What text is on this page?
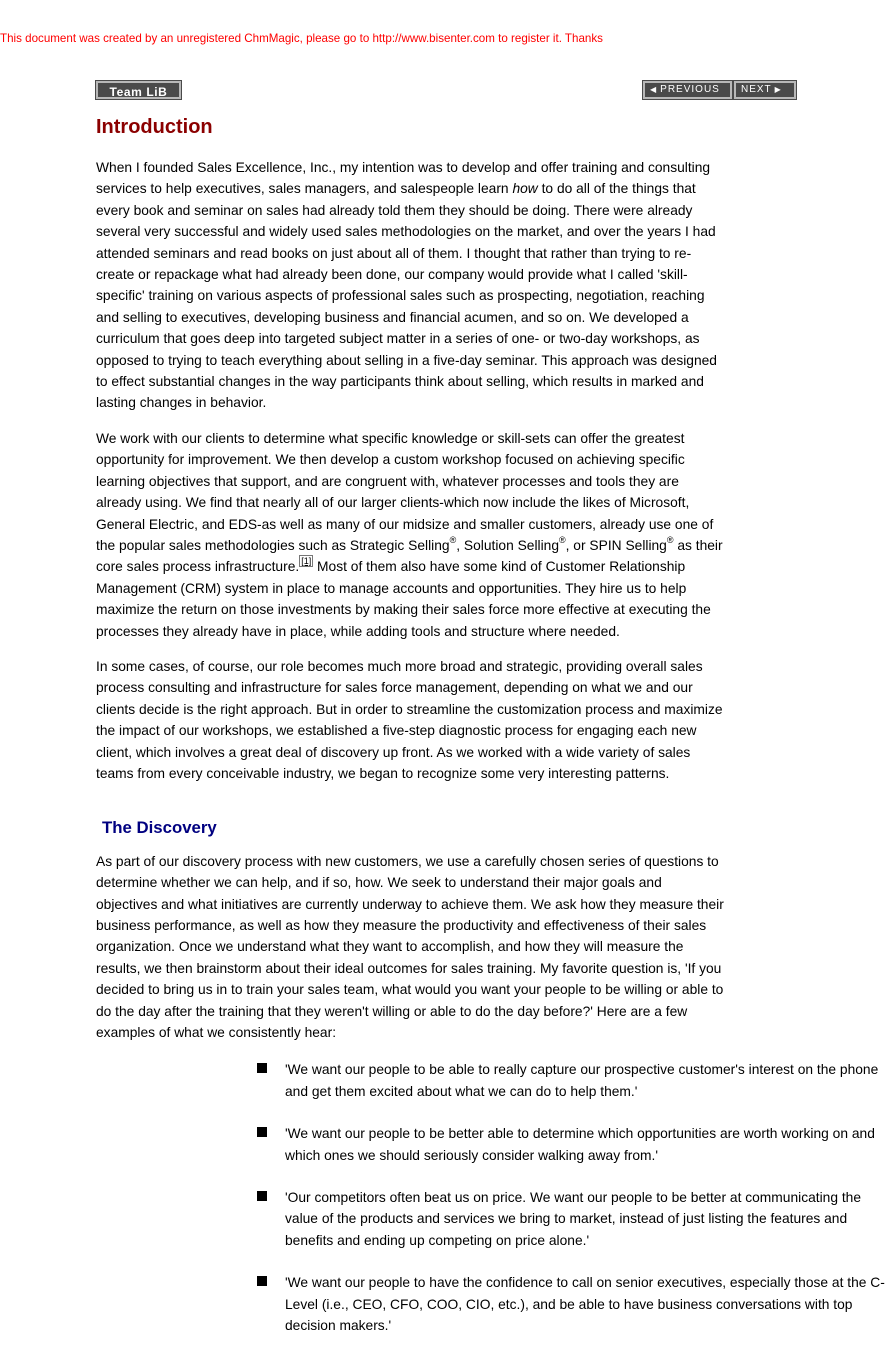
This document was created by an unregistered ChmMagic, please go to http://www.bisenter.com to register it. Thanks
Team LiB	◀ PREVIOUS NEXT ▶
Introduction

When I founded Sales Excellence, Inc., my intention was to develop and offer training and consulting services to help executives, sales managers, and salespeople learn how to do all of the things that every book and seminar on sales had already told them they should be doing. There were already several very successful and widely used sales methodologies on the market, and over the years I had attended seminars and read books on just about all of them. I thought that rather than trying to re-create or repackage what had already been done, our company would provide what I called 'skill-specific' training on various aspects of professional sales such as prospecting, negotiation, reaching and selling to executives, developing business and financial acumen, and so on. We developed a curriculum that goes deep into targeted subject matter in a series of one- or two-day workshops, as opposed to trying to teach everything about selling in a five-day seminar. This approach was designed to effect substantial changes in the way participants think about selling, which results in marked and lasting changes in behavior.

We work with our clients to determine what specific knowledge or skill-sets can offer the greatest opportunity for improvement. We then develop a custom workshop focused on achieving specific learning objectives that support, and are congruent with, whatever processes and tools they are already using. We find that nearly all of our larger clients-which now include the likes of Microsoft, General Electric, and EDS-as well as many of our midsize and smaller customers, already use one of the popular sales methodologies such as Strategic Selling®, Solution Selling®, or SPIN Selling® as their core sales process infrastructure. [1] Most of them also have some kind of Customer Relationship Management (CRM) system in place to manage accounts and opportunities. They hire us to help maximize the return on those investments by making their sales force more effective at executing the processes they already have in place, while adding tools and structure where needed.

In some cases, of course, our role becomes much more broad and strategic, providing overall sales process consulting and infrastructure for sales force management, depending on what we and our clients decide is the right approach. But in order to streamline the customization process and maximize the impact of our workshops, we established a five-step diagnostic process for engaging each new client, which involves a great deal of discovery up front. As we worked with a wide variety of sales teams from every conceivable industry, we began to recognize some very interesting patterns.

The Discovery

As part of our discovery process with new customers, we use a carefully chosen series of questions to determine whether we can help, and if so, how. We seek to understand their major goals and objectives and what initiatives are currently underway to achieve them. We ask how they measure their business performance, as well as how they measure the productivity and effectiveness of their sales organization. Once we understand what they want to accomplish, and how they will measure the results, we then brainstorm about their ideal outcomes for sales training. My favorite question is, 'If you decided to bring us in to train your sales team, what would you want your people to be willing or able to do the day after the training that they weren't willing or able to do the day before?' Here are a few examples of what we consistently hear:

'We want our people to be able to really capture our prospective customer's interest on the phone and get them excited about what we can do to help them.'
'We want our people to be better able to determine which opportunities are worth working on and which ones we should seriously consider walking away from.'
'Our competitors often beat us on price. We want our people to be better at communicating the value of the products and services we bring to market, instead of just listing the features and benefits and ending up competing on price alone.'
'We want our people to have the confidence to call on senior executives, especially those at the C-Level (i.e., CEO, CFO, COO, CIO, etc.), and be able to have business conversations with top decision makers.'
